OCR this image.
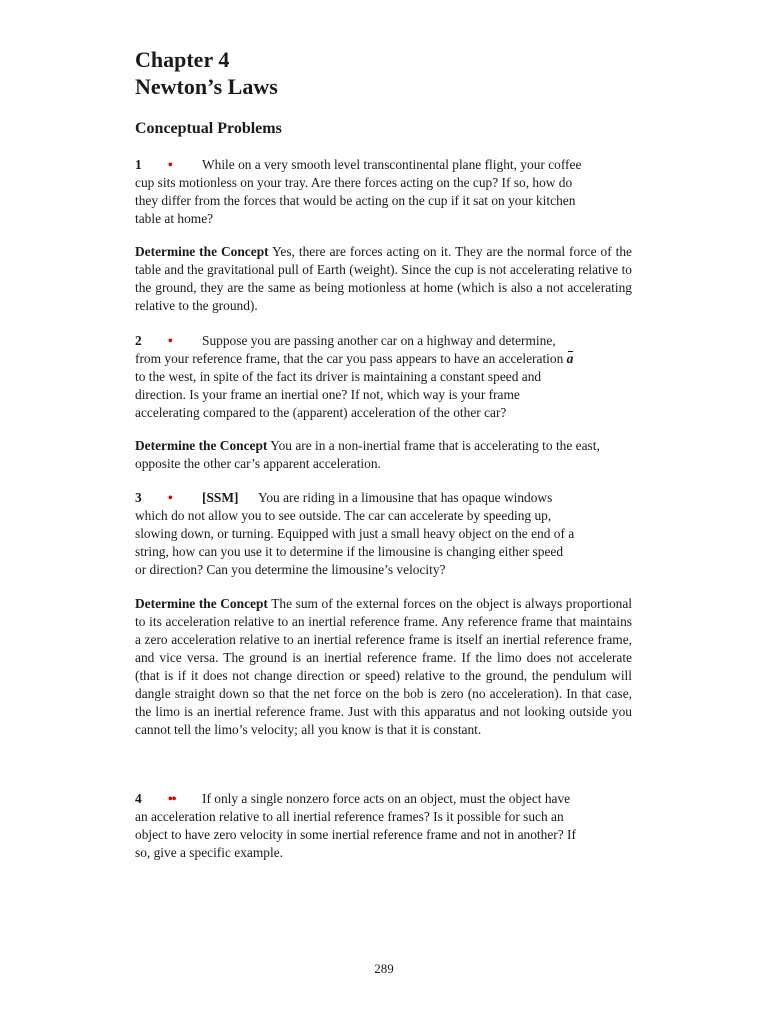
Chapter 4
Newton’s Laws
Conceptual Problems
1 • While on a very smooth level transcontinental plane flight, your coffee
cup sits motionless on your tray. Are there forces acting on the cup? If so, how do
they differ from the forces that would be acting on the cup if it sat on your kitchen
table at home?

Determine the Concept Yes, there are forces acting on it. They are the normal force of the table and the gravitational pull of Earth (weight). Since the cup is not accelerating relative to the ground, they are the same as being motionless at home (which is also a not accelerating relative to the ground).

2 • Suppose you are passing another car on a highway and determine,
from your reference frame, that the car you pass appears to have an acceleration a
to the west, in spite of the fact its driver is maintaining a constant speed and
direction. Is your frame an inertial one? If not, which way is your frame
accelerating compared to the (apparent) acceleration of the other car?

Determine the Concept You are in a non-inertial frame that is accelerating to the east, opposite the other car’s apparent acceleration.

3 • [SSM] You are riding in a limousine that has opaque windows
which do not allow you to see outside. The car can accelerate by speeding up,
slowing down, or turning. Equipped with just a small heavy object on the end of a
string, how can you use it to determine if the limousine is changing either speed
or direction? Can you determine the limousine’s velocity?

Determine the Concept The sum of the external forces on the object is always proportional to its acceleration relative to an inertial reference frame. Any reference frame that maintains a zero acceleration relative to an inertial reference frame is itself an inertial reference frame, and vice versa. The ground is an inertial reference frame. If the limo does not accelerate (that is if it does not change direction or speed) relative to the ground, the pendulum will dangle straight down so that the net force on the bob is zero (no acceleration). In that case, the limo is an inertial reference frame. Just with this apparatus and not looking outside you cannot tell the limo’s velocity; all you know is that it is constant.

4 •• If only a single nonzero force acts on an object, must the object have
an acceleration relative to all inertial reference frames? Is it possible for such an
object to have zero velocity in some inertial reference frame and not in another? If
so, give a specific example.
289
